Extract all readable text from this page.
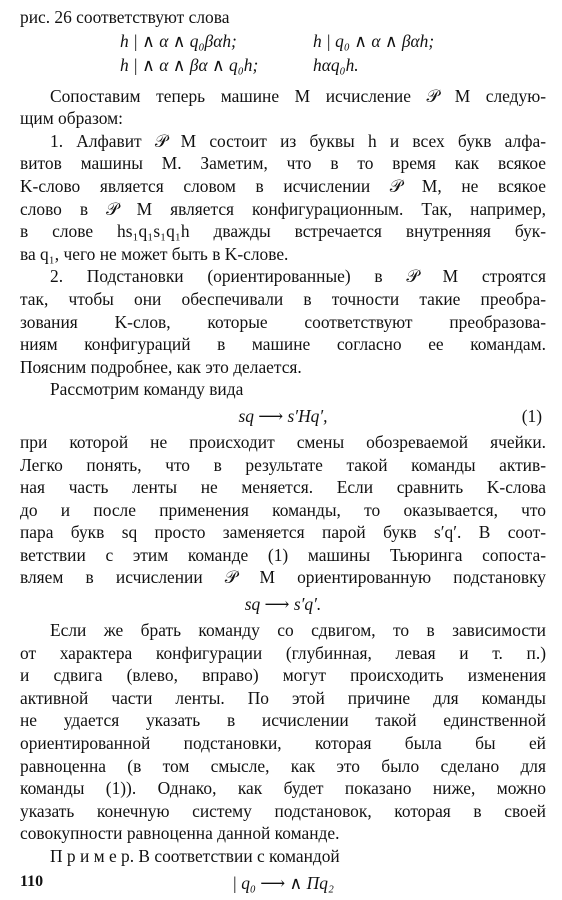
рис. 26 соответствуют слова
h | ∧ α ∧ q₀βαh;	h | q₀ ∧ α ∧ βαh;
h | ∧ α ∧ βα ∧ q₀h;	hαq₀h.
Сопоставим теперь машине M исчисление 𝒫 M следую-
щим образом:
1. Алфавит 𝒫 M состоит из буквы h и всех букв алфа-
витов машины M. Заметим, что в то время как всякое
K-слово является словом в исчислении 𝒫 M, не всякое
слово в 𝒫 M является конфигурационным. Так, например,
в слове hs₁q₁s₁q₁h дважды встречается внутренняя бук-
ва q₁, чего не может быть в K-слове.
2. Подстановки (ориентированные) в 𝒫 M строятся
так, чтобы они обеспечивали в точности такие преобра-
зования K-слов, которые соответствуют преобразова-
ниям конфигураций в машине согласно ее командам.
Поясним подробнее, как это делается.
Рассмотрим команду вида
sq ⟶ s′Hq′,	(1)
при которой не происходит смены обозреваемой ячейки.
Легко понять, что в результате такой команды актив-
ная часть ленты не меняется. Если сравнить K-слова
до и после применения команды, то оказывается, что
пара букв sq просто заменяется парой букв s′q′. В соот-
ветствии с этим команде (1) машины Тьюринга сопоста-
вляем в исчислении 𝒫 M ориентированную подстановку
sq ⟶ s′q′.
Если же брать команду со сдвигом, то в зависимости
от характера конфигурации (глубинная, левая и т. п.)
и сдвига (влево, вправо) могут происходить изменения
активной части ленты. По этой причине для команды
не удается указать в исчислении такой единственной
ориентированной подстановки, которая была бы ей
равноценна (в том смысле, как это было сделано для
команды (1)). Однако, как будет показано ниже, можно
указать конечную систему подстановок, которая в своей
совокупности равноценна данной команде.
П р и м е р. В соответствии с командой
| q₀ ⟶ ∧ Пq₂
110
